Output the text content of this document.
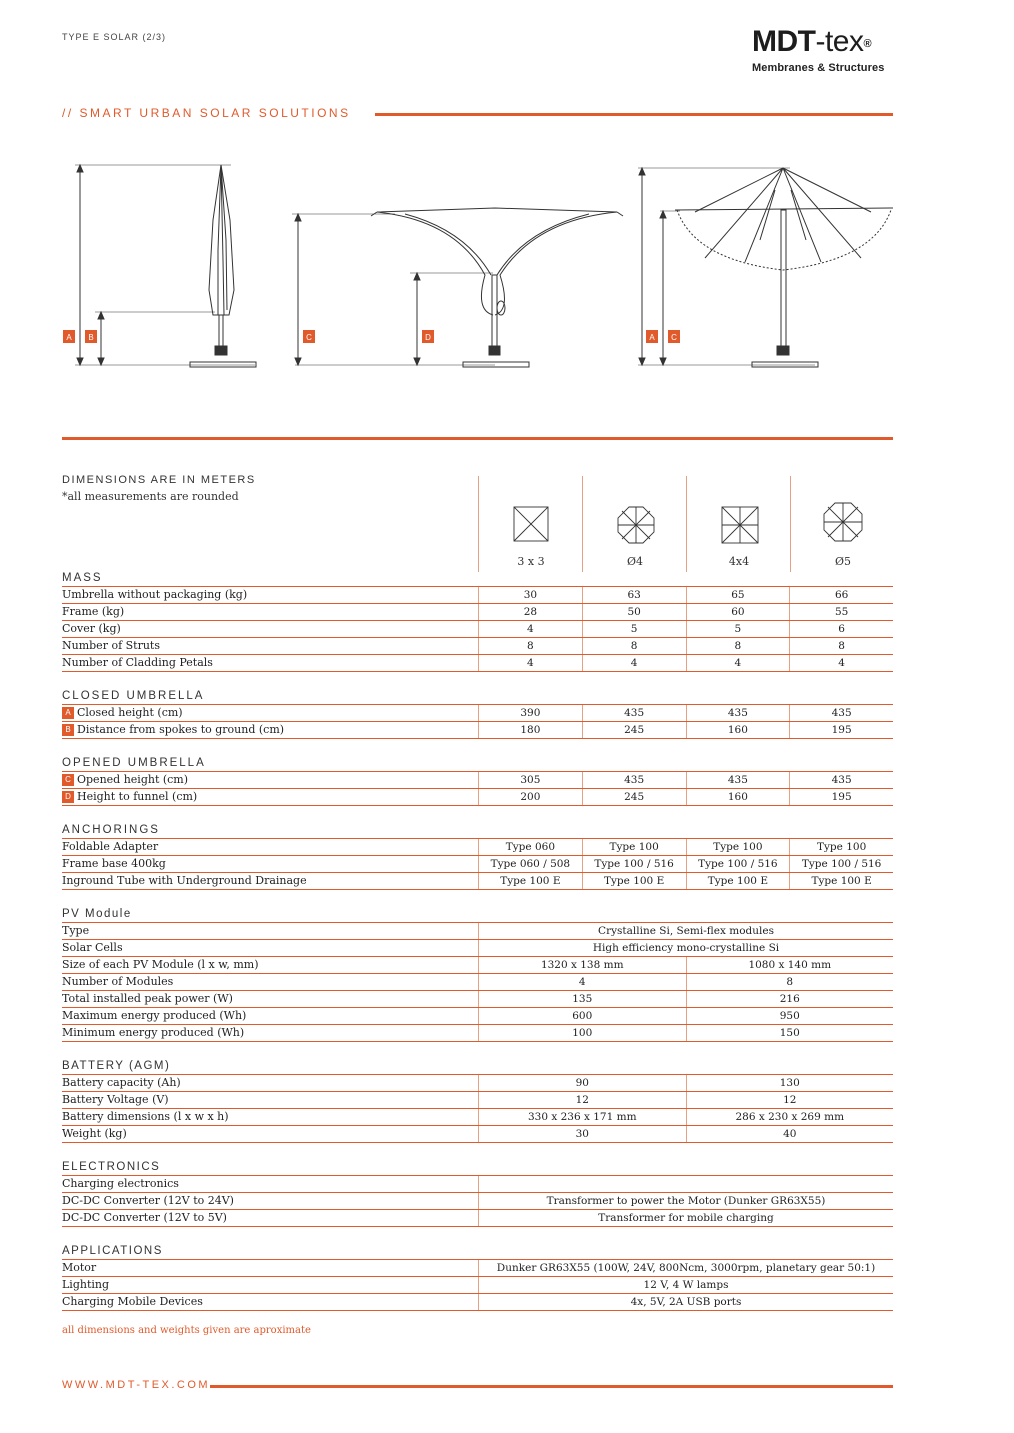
TYPE E SOLAR (2/3)	MDT-tex®
Membranes & Structures
// SMART URBAN SOLAR SOLUTIONS
A B	C	D	A C
DIMENSIONS ARE IN METERS
*all measurements are rounded
3 x 3	Ø4	4x4	Ø5
MASS
Umbrella without packaging (kg)	30	63	65	66
Frame (kg)	28	50	60	55
Cover (kg)	4	5	5	6
Number of Struts	8	8	8	8
Number of Cladding Petals	4	4	4	4
CLOSED UMBRELLA
A Closed height (cm)	390	435	435	435
B Distance from spokes to ground (cm)	180	245	160	195
OPENED UMBRELLA
C Opened height (cm)	305	435	435	435
D Height to funnel (cm)	200	245	160	195
ANCHORINGS
Foldable Adapter	Type 060	Type 100	Type 100	Type 100
Frame base 400kg	Type 060 / 508	Type 100 / 516	Type 100 / 516	Type 100 / 516
Inground Tube with Underground Drainage	Type 100 E	Type 100 E	Type 100 E	Type 100 E
PV Module
Type	Crystalline Si, Semi-flex modules
Solar Cells	High efficiency mono-crystalline Si
Size of each PV Module (l x w, mm)	1320 x 138 mm	1080 x 140 mm
Number of Modules	4	8
Total installed peak power (W)	135	216
Maximum energy produced (Wh)	600	950
Minimum energy produced (Wh)	100	150
BATTERY (AGM)
Battery capacity (Ah)	90	130
Battery Voltage (V)	12	12
Battery dimensions (l x w x h)	330 x 236 x 171 mm	286 x 230 x 269 mm
Weight (kg)	30	40
ELECTRONICS
Charging electronics
DC-DC Converter (12V to 24V)	Transformer to power the Motor (Dunker GR63X55)
DC-DC Converter (12V to 5V)	Transformer for mobile charging
APPLICATIONS
Motor	Dunker GR63X55 (100W, 24V, 800Ncm, 3000rpm, planetary gear 50:1)
Lighting	12 V, 4 W lamps
Charging Mobile Devices	4x, 5V, 2A USB ports
all dimensions and weights given are aproximate
WWW.MDT-TEX.COM
